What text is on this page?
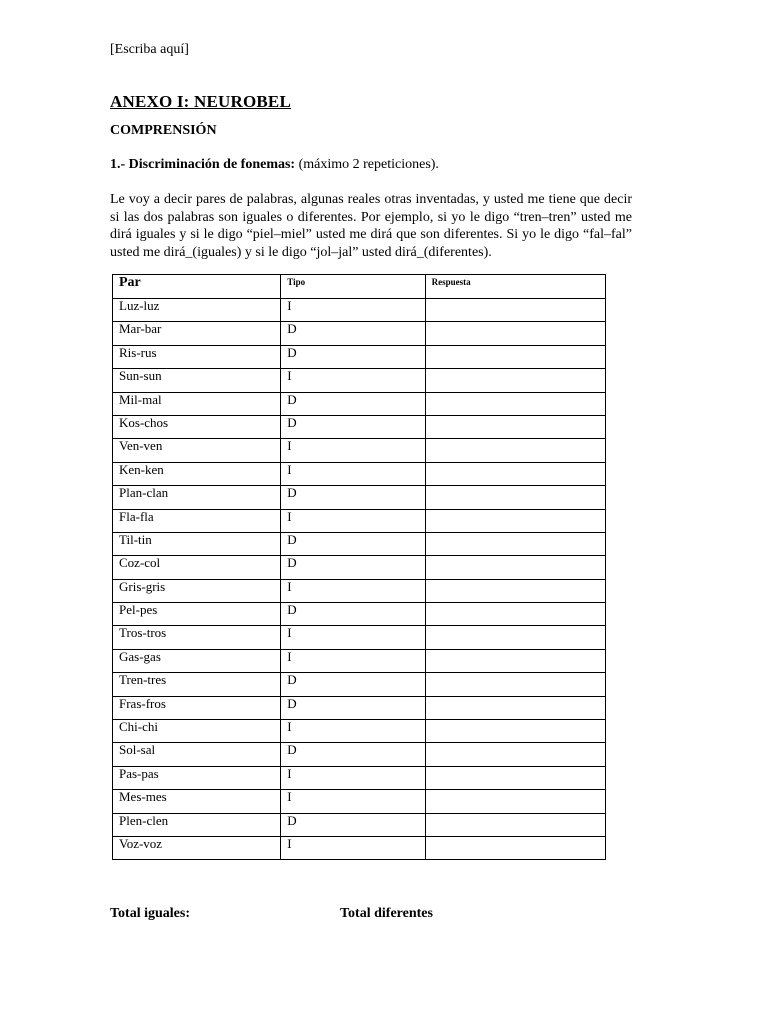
[Escriba aquí]
ANEXO I: NEUROBEL
COMPRENSIÓN
1.- Discriminación de fonemas: (máximo 2 repeticiones).

Le voy a decir pares de palabras, algunas reales otras inventadas, y usted me tiene que decir si las dos palabras son iguales o diferentes. Por ejemplo, si yo le digo “tren–tren” usted me dirá iguales y si le digo “piel–miel” usted me dirá que son diferentes. Si yo le digo “fal–fal” usted me dirá_(iguales) y si le digo “jol–jal” usted dirá_(diferentes).

Par	Tipo	Respuesta
Luz-luz	I	
Mar-bar	D	
Ris-rus	D	
Sun-sun	I	
Mil-mal	D	
Kos-chos	D	
Ven-ven	I	
Ken-ken	I	
Plan-clan	D	
Fla-fla	I	
Til-tin	D	
Coz-col	D	
Gris-gris	I	
Pel-pes	D	
Tros-tros	I	
Gas-gas	I	
Tren-tres	D	
Fras-fros	D	
Chi-chi	I	
Sol-sal	D	
Pas-pas	I	
Mes-mes	I	
Plen-clen	D	
Voz-voz	I	
Total iguales:	Total diferentes
